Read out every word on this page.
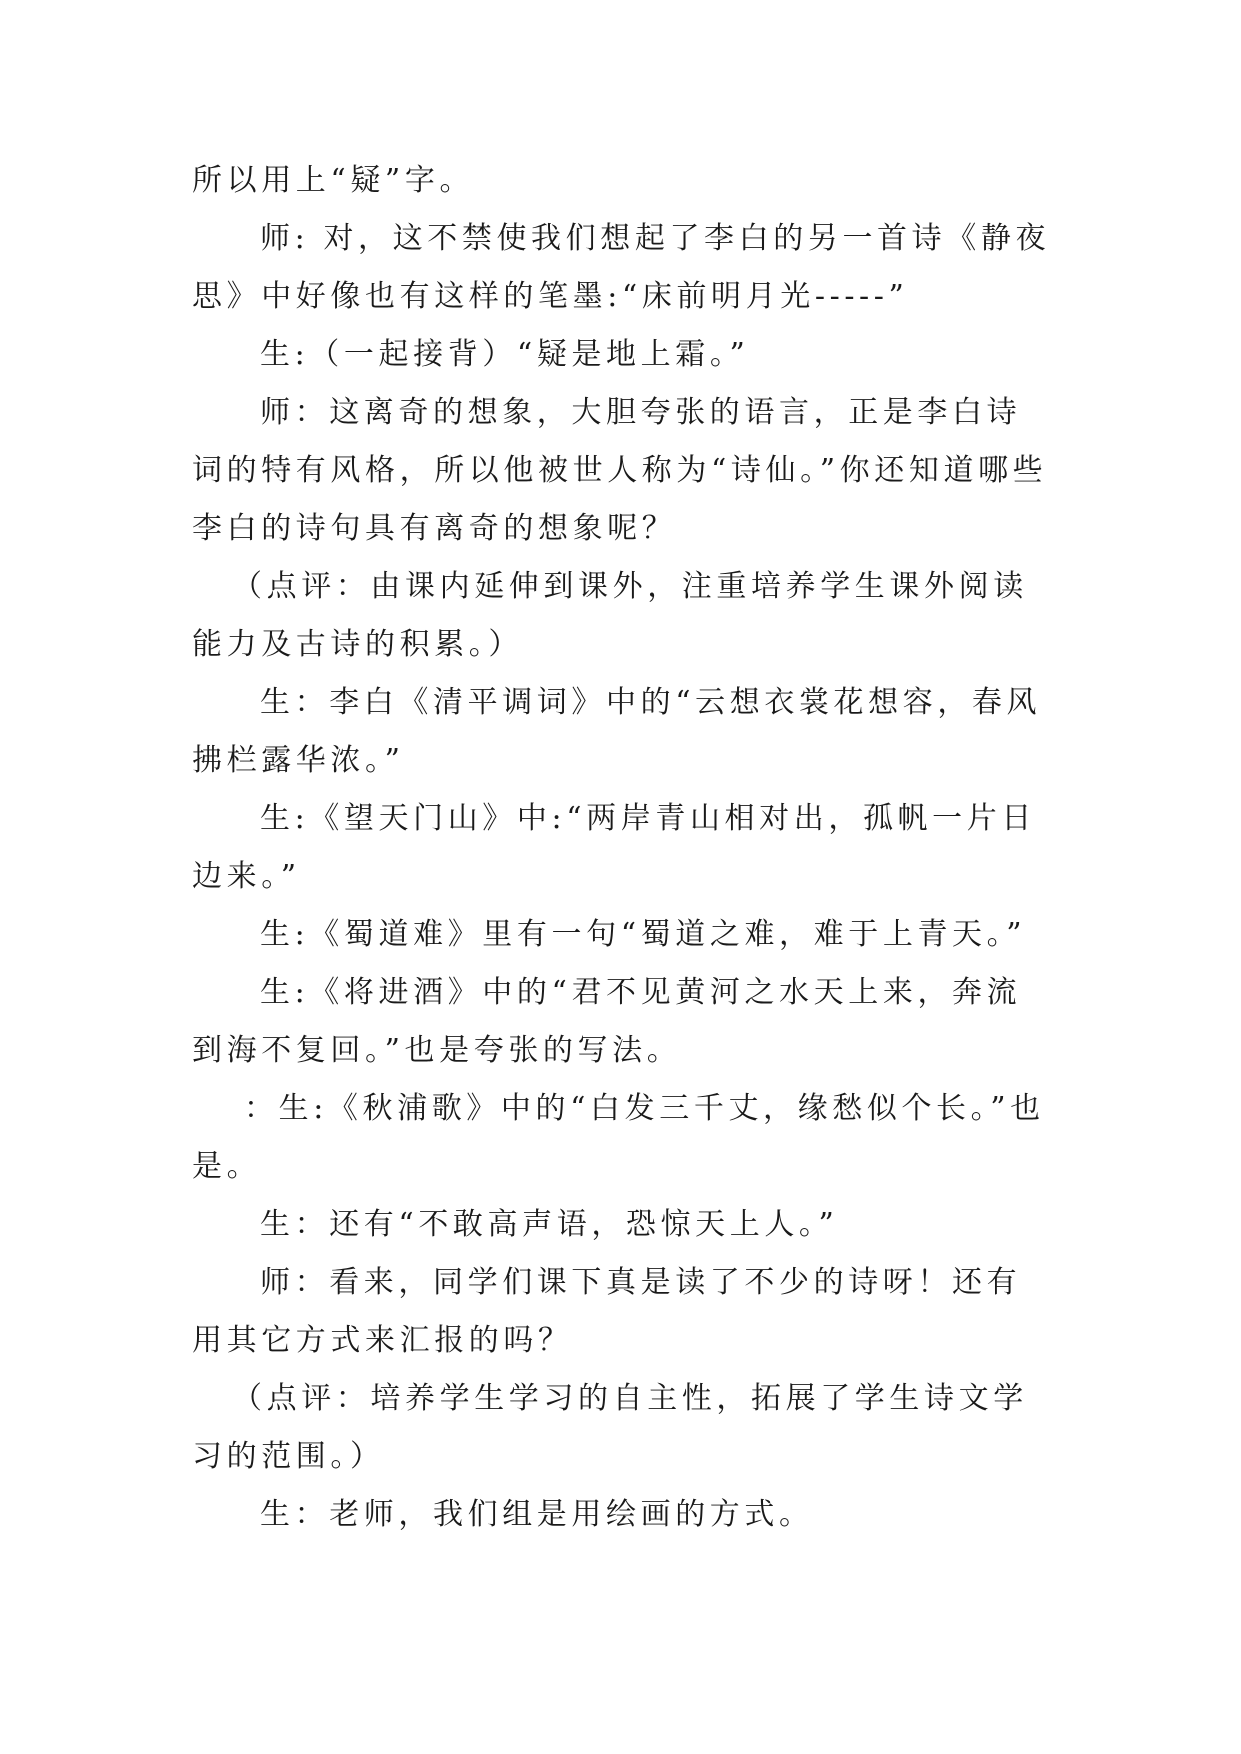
所以用上“疑”字。

师: 对，这不禁使我们想起了李白的另一首诗《静夜思》中好像也有这样的笔墨:“床前明月光-----”

生:（一起接背）“疑是地上霜。”

师：这离奇的想象，大胆夸张的语言，正是李白诗词的特有风格，所以他被世人称为“诗仙。”你还知道哪些李白的诗句具有离奇的想象呢？

（点评：由课内延伸到课外，注重培养学生课外阅读能力及古诗的积累。）

生：李白《清平调词》中的“云想衣裳花想容，春风拂栏露华浓。”

生:《望天门山》中:“两岸青山相对出，孤帆一片日边来。”

生:《蜀道难》里有一句“蜀道之难，难于上青天。”

生:《将进酒》中的“君不见黄河之水天上来，奔流到海不复回。”也是夸张的写法。

：生:《秋浦歌》中的“白发三千丈，缘愁似个长。”也是。

生：还有“不敢高声语，恐惊天上人。”

师：看来，同学们课下真是读了不少的诗呀！还有用其它方式来汇报的吗？

（点评：培养学生学习的自主性，拓展了学生诗文学习的范围。）

生：老师，我们组是用绘画的方式。
